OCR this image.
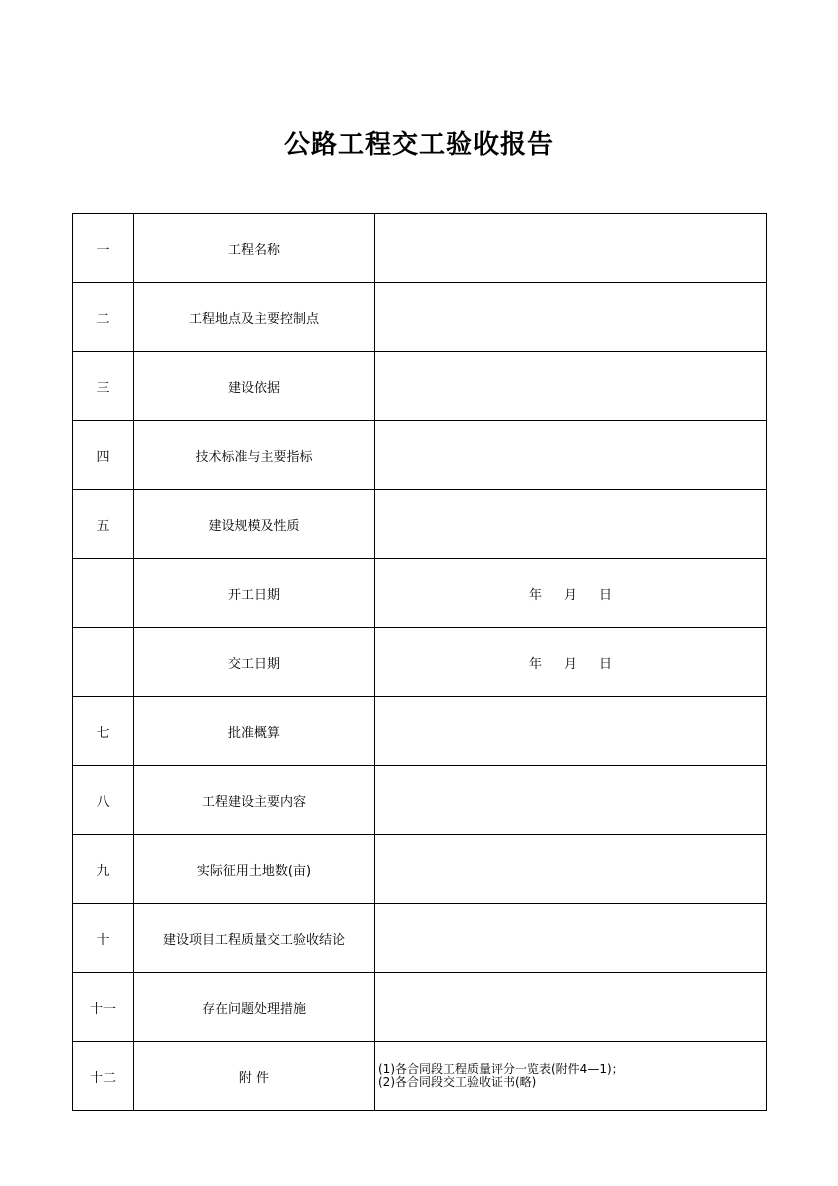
公路工程交工验收报告
一	工程名称	
二	工程地点及主要控制点	
三	建设依据	
四	技术标准与主要指标	
五	建设规模及性质	
	开工日期	年 月 日
	交工日期	年 月 日
七	批准概算	
八	工程建设主要内容	
九	实际征用土地数(亩)	
十	建设项目工程质量交工验收结论	
十一	存在问题处理措施	
十二	附 件	(1)各合同段工程质量评分一览表(附件4—1)；
(2)各合同段交工验收证书(略)
